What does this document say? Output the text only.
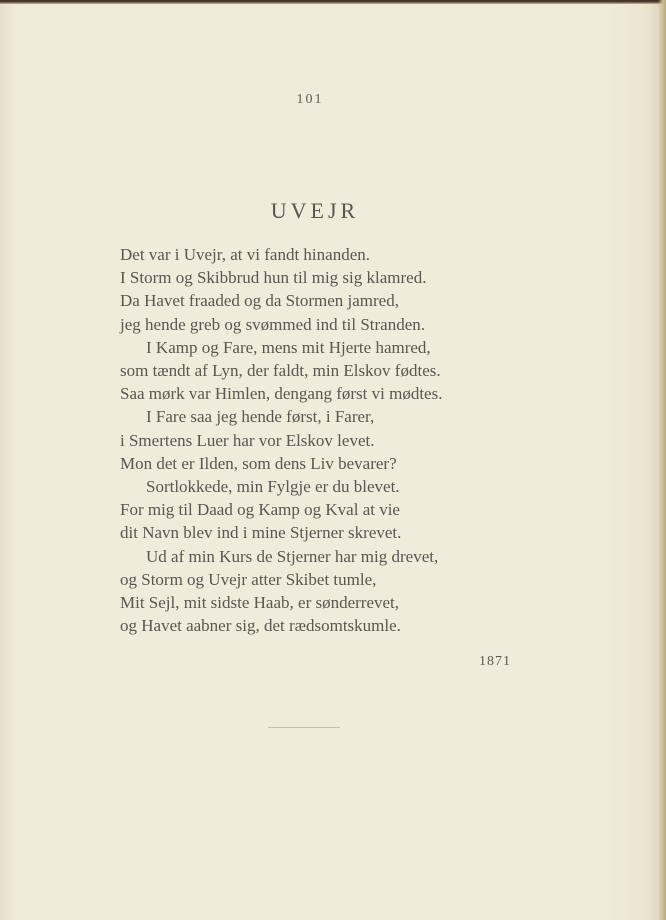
101
UVEJR
Det var i Uvejr, at vi fandt hinanden.
I Storm og Skibbrud hun til mig sig klamred.
Da Havet fraaded og da Stormen jamred,
jeg hende greb og svømmed ind til Stranden.
I Kamp og Fare, mens mit Hjerte hamred,
som tændt af Lyn, der faldt, min Elskov fødtes.
Saa mørk var Himlen, dengang først vi mødtes.
I Fare saa jeg hende først, i Farer,
i Smertens Luer har vor Elskov levet.
Mon det er Ilden, som dens Liv bevarer?
Sortlokkede, min Fylgje er du blevet.
For mig til Daad og Kamp og Kval at vie
dit Navn blev ind i mine Stjerner skrevet.
Ud af min Kurs de Stjerner har mig drevet,
og Storm og Uvejr atter Skibet tumle,
Mit Sejl, mit sidste Haab, er sønderrevet,
og Havet aabner sig, det rædsomtskumle.
1871
